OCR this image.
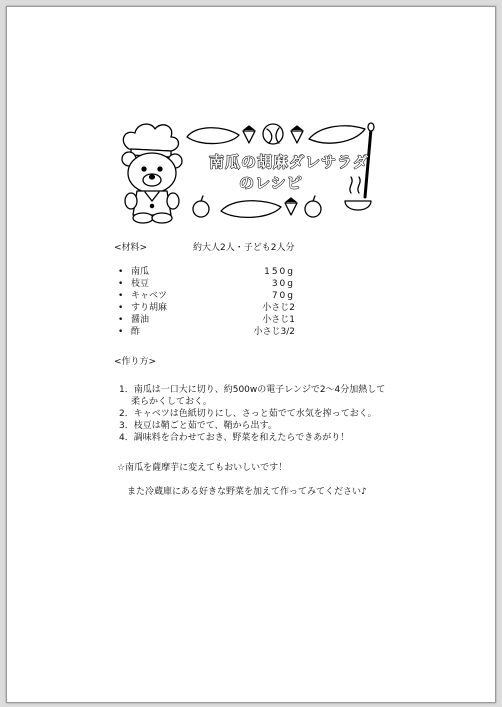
南瓜の胡麻ダレサラダ
のレシピ
<材料>	約大人2人・子ども2人分
• 南瓜	150g
• 枝豆	30g
• キャベツ	70g
• すり胡麻	小さじ2
• 醤油	小さじ1
• 酢	小さじ3/2
<作り方>
1．南瓜は一口大に切り、約500wの電子レンジで2～4分加熱して
柔らかくしておく。
2．キャベツは色紙切りにし、さっと茹でて水気を搾っておく。
3．枝豆は鞘ごと茹でて、鞘から出す。
4．調味料を合わせておき、野菜を和えたらできあがり！
☆南瓜を薩摩芋に変えてもおいしいです！
また冷蔵庫にある好きな野菜を加えて作ってみてください♪
